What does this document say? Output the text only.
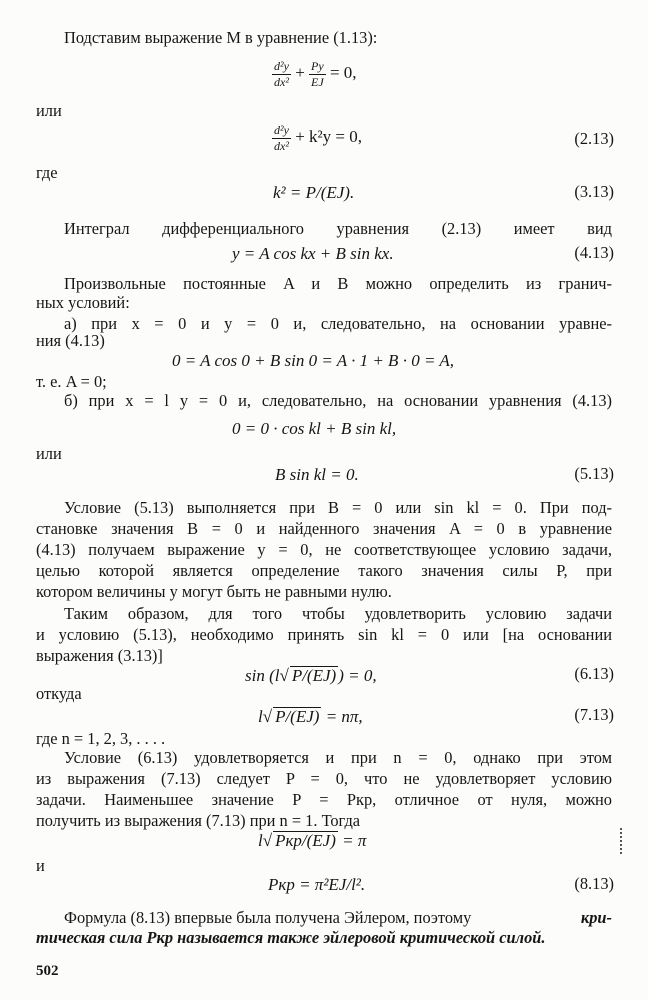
Подставим выражение M в уравнение (1.13):
$\frac{\text{d²y}}{\text{dx²}} + \frac{Py}{EJ} = 0$,
или
$\frac{\text{d²y}}{\text{dx²}} + k^2y = 0$,	(2.13)
где
k² = P/(EJ).	(3.13)
Интеграл дифференциального уравнения (2.13) имеет вид
y = A cos kx + B sin kx.	(4.13)
Произвольные постоянные A и B можно определить из гранич-
ных условий:
а) при x = 0 и y = 0 и, следовательно, на основании уравне-
ния (4.13)
0 = A cos 0 + B sin 0 = A · 1 + B · 0 = A,
т. е. A = 0;
б) при x = l y = 0 и, следовательно, на основании уравнения (4.13)
0 = 0 · cos kl + B sin kl,
или
B sin kl = 0.	(5.13)
Условие (5.13) выполняется при B = 0 или sin kl = 0. При под-
становке значения B = 0 и найденного значения A = 0 в уравнение
(4.13) получаем выражение y = 0, не соответствующее условию задачи,
целью которой является определение такого значения силы P, при
котором величины y могут быть не равными нулю.
Таким образом, для того чтобы удовлетворить условию задачи
и условию (5.13), необходимо принять sin kl = 0 или [на основании
выражения (3.13)]
sin (l√ P/(EJ) ) = 0,	(6.13)
откуда
l√ P/(EJ) = nπ,	(7.13)
где n = 1, 2, 3, . . . .
Условие (6.13) удовлетворяется и при n = 0, однако при этом
из выражения (7.13) следует P = 0, что не удовлетворяет условию
задачи. Наименьшее значение P = Pкр, отличное от нуля, можно
получить из выражения (7.13) при n = 1. Тогда
l√ Pкр/(EJ) = π
и
Pкр = π²EJ/l².	(8.13)
Формула (8.13) впервые была получена Эйлером, поэтому	кри-
тическая сила Pкр называется также эйлеровой критической силой.
502
